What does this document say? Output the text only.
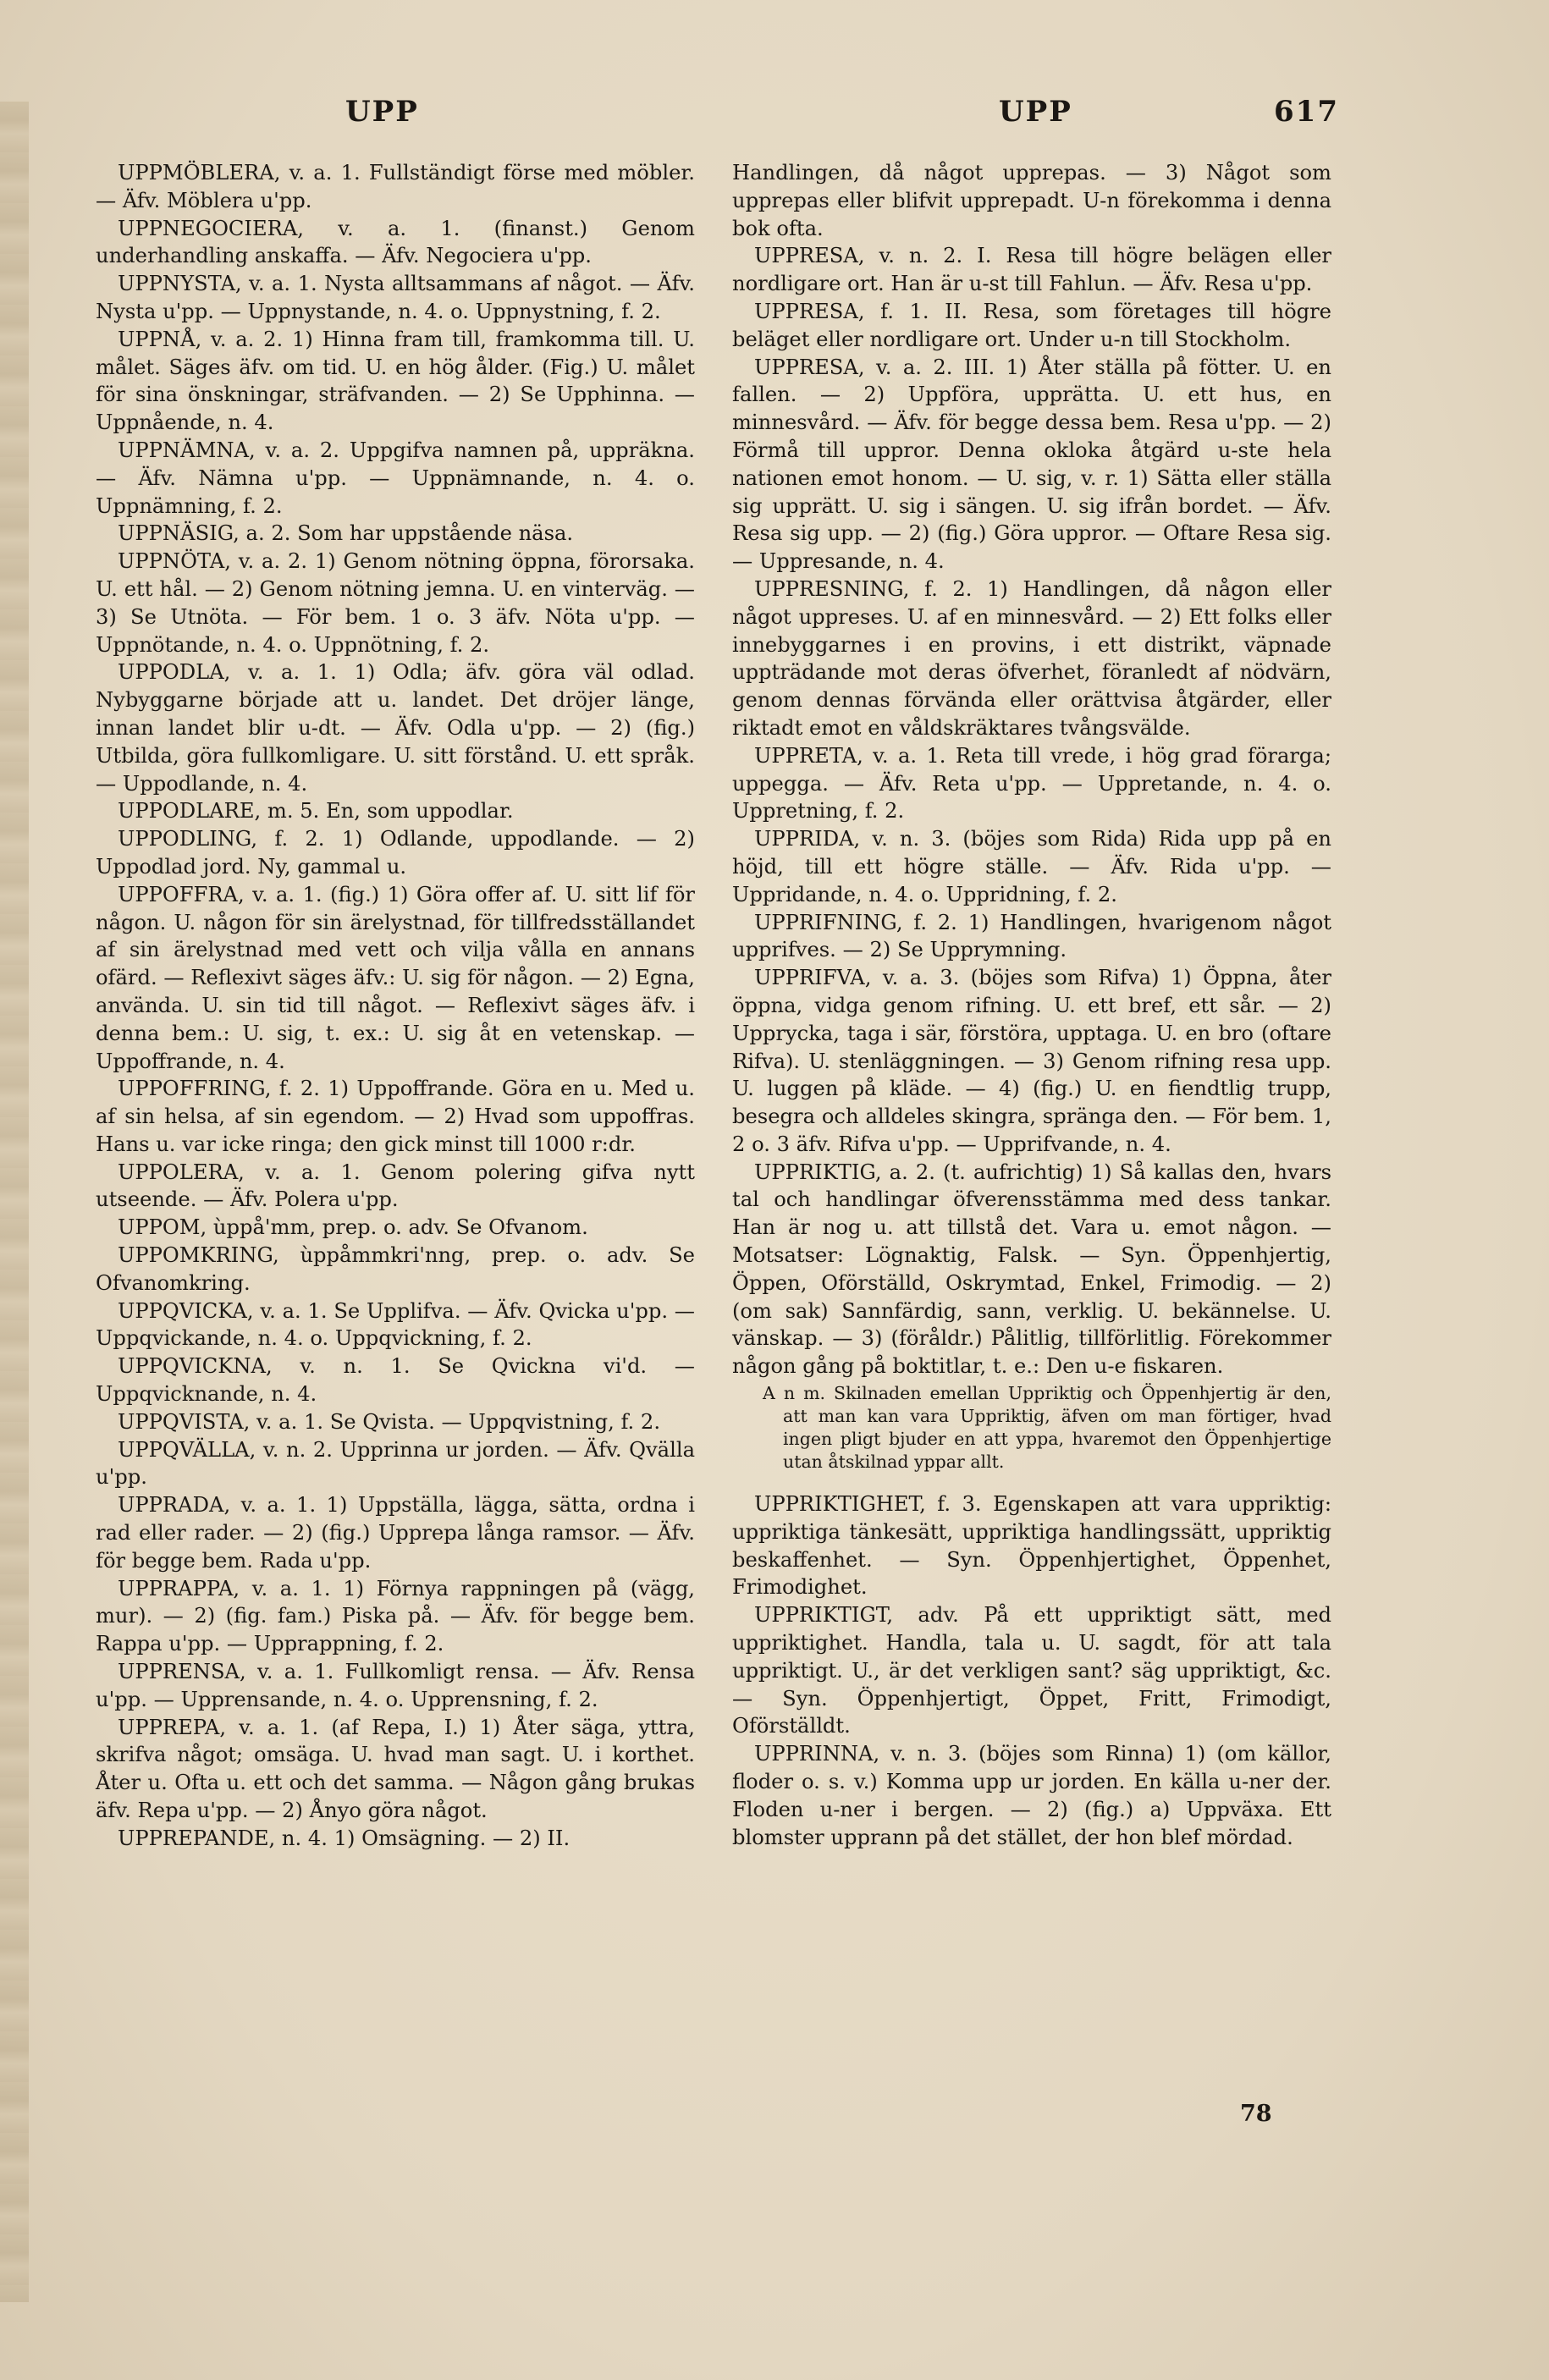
UPP	UPP	617

UPPMÖBLERA, v. a. 1. Fullständigt förse med möbler. — Äfv. Möblera u'pp.

UPPNEGOCIERA, v. a. 1. (finanst.) Genom underhandling anskaffa. — Äfv. Negociera u'pp.

UPPNYSTA, v. a. 1. Nysta alltsammans af något. — Äfv. Nysta u'pp. — Uppnystande, n. 4. o. Uppnystning, f. 2.

UPPNÅ, v. a. 2. 1) Hinna fram till, framkomma till. U. målet. Säges äfv. om tid. U. en hög ålder. (Fig.) U. målet för sina önskningar, sträfvanden. — 2) Se Upphinna. — Uppnående, n. 4.

UPPNÄMNA, v. a. 2. Uppgifva namnen på, uppräkna. — Äfv. Nämna u'pp. — Uppnämnande, n. 4. o. Uppnämning, f. 2.

UPPNÄSIG, a. 2. Som har uppstående näsa.

UPPNÖTA, v. a. 2. 1) Genom nötning öppna, förorsaka. U. ett hål. — 2) Genom nötning jemna. U. en vinterväg. — 3) Se Utnöta. — För bem. 1 o. 3 äfv. Nöta u'pp. — Uppnötande, n. 4. o. Uppnötning, f. 2.

UPPODLA, v. a. 1. 1) Odla; äfv. göra väl odlad. Nybyggarne började att u. landet. Det dröjer länge, innan landet blir u-dt. — Äfv. Odla u'pp. — 2) (fig.) Utbilda, göra fullkomligare. U. sitt förstånd. U. ett språk. — Uppodlande, n. 4.

UPPODLARE, m. 5. En, som uppodlar.

UPPODLING, f. 2. 1) Odlande, uppodlande. — 2) Uppodlad jord. Ny, gammal u.

UPPOFFRA, v. a. 1. (fig.) 1) Göra offer af. U. sitt lif för någon. U. någon för sin ärelystnad, för tillfredsställandet af sin ärelystnad med vett och vilja vålla en annans ofärd. — Reflexivt säges äfv.: U. sig för någon. — 2) Egna, använda. U. sin tid till något. — Reflexivt säges äfv. i denna bem.: U. sig, t. ex.: U. sig åt en vetenskap. — Uppoffrande, n. 4.

UPPOFFRING, f. 2. 1) Uppoffrande. Göra en u. Med u. af sin helsa, af sin egendom. — 2) Hvad som uppoffras. Hans u. var icke ringa; den gick minst till 1000 r:dr.

UPPOLERA, v. a. 1. Genom polering gifva nytt utseende. — Äfv. Polera u'pp.

UPPOM, ùppå'mm, prep. o. adv. Se Ofvanom.

UPPOMKRING, ùppåmmkri'nng, prep. o. adv. Se Ofvanomkring.

UPPQVICKA, v. a. 1. Se Upplifva. — Äfv. Qvicka u'pp. — Uppqvickande, n. 4. o. Uppqvickning, f. 2.

UPPQVICKNA, v. n. 1. Se Qvickna vi'd. — Uppqvicknande, n. 4.

UPPQVISTA, v. a. 1. Se Qvista. — Uppqvistning, f. 2.

UPPQVÄLLA, v. n. 2. Upprinna ur jorden. — Äfv. Qvälla u'pp.

UPPRADA, v. a. 1. 1) Uppställa, lägga, sätta, ordna i rad eller rader. — 2) (fig.) Upprepa långa ramsor. — Äfv. för begge bem. Rada u'pp.

UPPRAPPA, v. a. 1. 1) Förnya rappningen på (vägg, mur). — 2) (fig. fam.) Piska på. — Äfv. för begge bem. Rappa u'pp. — Upprappning, f. 2.

UPPRENSA, v. a. 1. Fullkomligt rensa. — Äfv. Rensa u'pp. — Upprensande, n. 4. o. Upprensning, f. 2.

UPPREPA, v. a. 1. (af Repa, I.) 1) Åter säga, yttra, skrifva något; omsäga. U. hvad man sagt. U. i korthet. Åter u. Ofta u. ett och det samma. — Någon gång brukas äfv. Repa u'pp. — 2) Ånyo göra något.

UPPREPANDE, n. 4. 1) Omsägning. — 2) II.

Handlingen, då något upprepas. — 3) Något som upprepas eller blifvit upprepadt. U-n förekomma i denna bok ofta.

UPPRESA, v. n. 2. I. Resa till högre belägen eller nordligare ort. Han är u-st till Fahlun. — Äfv. Resa u'pp.

UPPRESA, f. 1. II. Resa, som företages till högre beläget eller nordligare ort. Under u-n till Stockholm.

UPPRESA, v. a. 2. III. 1) Åter ställa på fötter. U. en fallen. — 2) Uppföra, upprätta. U. ett hus, en minnesvård. — Äfv. för begge dessa bem. Resa u'pp. — 2) Förmå till uppror. Denna okloka åtgärd u-ste hela nationen emot honom. — U. sig, v. r. 1) Sätta eller ställa sig upprätt. U. sig i sängen. U. sig ifrån bordet. — Äfv. Resa sig upp. — 2) (fig.) Göra uppror. — Oftare Resa sig. — Uppresande, n. 4.

UPPRESNING, f. 2. 1) Handlingen, då någon eller något uppreses. U. af en minnesvård. — 2) Ett folks eller innebyggarnes i en provins, i ett distrikt, väpnade uppträdande mot deras öfverhet, föranledt af nödvärn, genom dennas förvända eller orättvisa åtgärder, eller riktadt emot en våldskräktares tvångsvälde.

UPPRETA, v. a. 1. Reta till vrede, i hög grad förarga; uppegga. — Äfv. Reta u'pp. — Uppretande, n. 4. o. Uppretning, f. 2.

UPPRIDA, v. n. 3. (böjes som Rida) Rida upp på en höjd, till ett högre ställe. — Äfv. Rida u'pp. — Uppridande, n. 4. o. Uppridning, f. 2.

UPPRIFNING, f. 2. 1) Handlingen, hvarigenom något upprifves. — 2) Se Upprymning.

UPPRIFVA, v. a. 3. (böjes som Rifva) 1) Öppna, åter öppna, vidga genom rifning. U. ett bref, ett sår. — 2) Upprycka, taga i sär, förstöra, upptaga. U. en bro (oftare Rifva). U. stenläggningen. — 3) Genom rifning resa upp. U. luggen på kläde. — 4) (fig.) U. en fiendtlig trupp, besegra och alldeles skingra, spränga den. — För bem. 1, 2 o. 3 äfv. Rifva u'pp. — Upprifvande, n. 4.

UPPRIKTIG, a. 2. (t. aufrichtig) 1) Så kallas den, hvars tal och handlingar öfverensstämma med dess tankar. Han är nog u. att tillstå det. Vara u. emot någon. — Motsatser: Lögnaktig, Falsk. — Syn. Öppenhjertig, Öppen, Oförställd, Oskrymtad, Enkel, Frimodig. — 2) (om sak) Sannfärdig, sann, verklig. U. bekännelse. U. vänskap. — 3) (föråldr.) Pålitlig, tillförlitlig. Förekommer någon gång på boktitlar, t. e.: Den u-e fiskaren.

A n m. Skilnaden emellan Uppriktig och Öppenhjertig är den, att man kan vara Uppriktig, äfven om man förtiger, hvad ingen pligt bjuder en att yppa, hvaremot den Öppenhjertige utan åtskilnad yppar allt.

UPPRIKTIGHET, f. 3. Egenskapen att vara uppriktig: uppriktiga tänkesätt, uppriktiga handlingssätt, uppriktig beskaffenhet. — Syn. Öppenhjertighet, Öppenhet, Frimodighet.

UPPRIKTIGT, adv. På ett uppriktigt sätt, med uppriktighet. Handla, tala u. U. sagdt, för att tala uppriktigt. U., är det verkligen sant? säg uppriktigt, &c. — Syn. Öppenhjertigt, Öppet, Fritt, Frimodigt, Oförställdt.

UPPRINNA, v. n. 3. (böjes som Rinna) 1) (om källor, floder o. s. v.) Komma upp ur jorden. En källa u-ner der. Floden u-ner i bergen. — 2) (fig.) a) Uppväxa. Ett blomster upprann på det stället, der hon blef mördad.

78
